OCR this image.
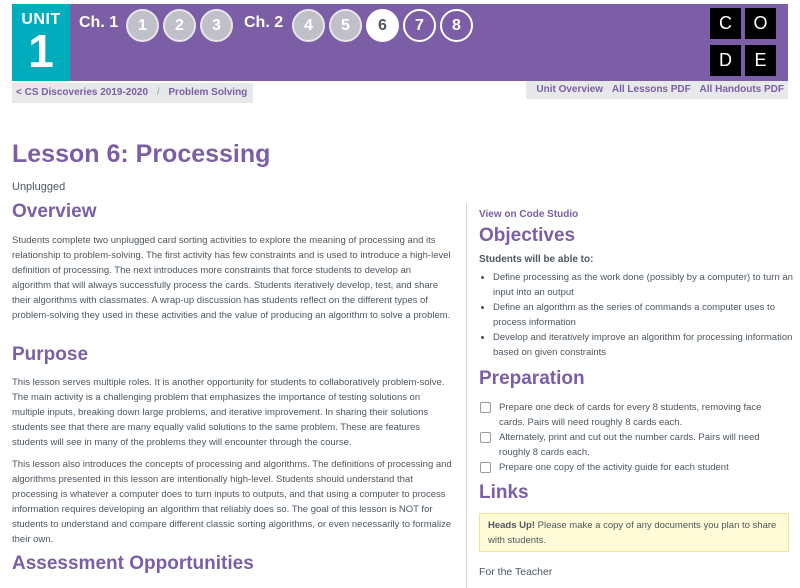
UNIT
1
Ch. 1	1	2	3	Ch. 2	4	5	6	7	8	C	O
D	E
< CS Discoveries 2019-2020 / Problem Solving	Unit Overview All Lessons PDF All Handouts PDF
Lesson 6: Processing
Unplugged
Overview
Students complete two unplugged card sorting activities to explore the meaning of processing and its relationship to problem-solving. The first activity has few constraints and is used to introduce a high-level definition of processing. The next introduces more constraints that force students to develop an algorithm that will always successfully process the cards. Students iteratively develop, test, and share their algorithms with classmates. A wrap-up discussion has students reflect on the different types of problem-solving they used in these activities and the value of producing an algorithm to solve a problem.
Purpose
This lesson serves multiple roles. It is another opportunity for students to collaboratively problem-solve. The main activity is a challenging problem that emphasizes the importance of testing solutions on multiple inputs, breaking down large problems, and iterative improvement. In sharing their solutions students see that there are many equally valid solutions to the same problem. These are features students will see in many of the problems they will encounter through the course.
This lesson also introduces the concepts of processing and algorithms. The definitions of processing and algorithms presented in this lesson are intentionally high-level. Students should understand that processing is whatever a computer does to turn inputs to outputs, and that using a computer to process information requires developing an algorithm that reliably does so. The goal of this lesson is NOT for students to understand and compare different classic sorting algorithms, or even necessarily to formalize their own.
Assessment Opportunities
View on Code Studio
Objectives
Students will be able to:
• Define processing as the work done (possibly by a computer) to turn an input into an output
• Define an algorithm as the series of commands a computer uses to process information
• Develop and iteratively improve an algorithm for processing information based on given constraints
Preparation
Prepare one deck of cards for every 8 students, removing face cards. Pairs will need roughly 8 cards each.
Alternately, print and cut out the number cards. Pairs will need roughly 8 cards each.
Prepare one copy of the activity guide for each student
Links
Heads Up! Please make a copy of any documents you plan to share with students.
For the Teacher
